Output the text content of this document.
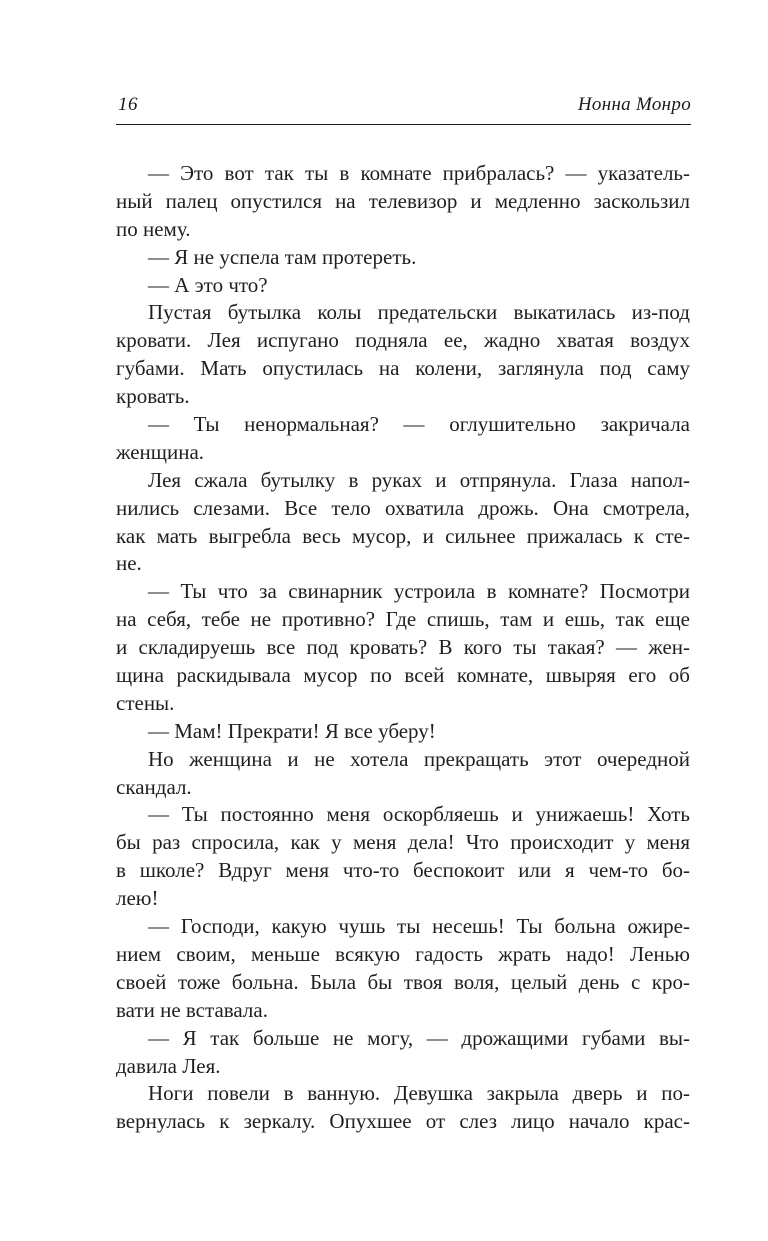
16	Нонна Монро
— Это вот так ты в комнате прибралась? — указатель-
ный палец опустился на телевизор и медленно заскользил
по нему.
— Я не успела там протереть.
— А это что?
Пустая бутылка колы предательски выкатилась из-под
кровати. Лея испугано подняла ее, жадно хватая воздух
губами. Мать опустилась на колени, заглянула под саму
кровать.
— Ты ненормальная? — оглушительно закричала
женщина.
Лея сжала бутылку в руках и отпрянула. Глаза напол-
нились слезами. Все тело охватила дрожь. Она смотрела,
как мать выгребла весь мусор, и сильнее прижалась к сте-
не.
— Ты что за свинарник устроила в комнате? Посмотри
на себя, тебе не противно? Где спишь, там и ешь, так еще
и складируешь все под кровать? В кого ты такая? — жен-
щина раскидывала мусор по всей комнате, швыряя его об
стены.
— Мам! Прекрати! Я все уберу!
Но женщина и не хотела прекращать этот очередной
скандал.
— Ты постоянно меня оскорбляешь и унижаешь! Хоть
бы раз спросила, как у меня дела! Что происходит у меня
в школе? Вдруг меня что-то беспокоит или я чем-то бо-
лею!
— Господи, какую чушь ты несешь! Ты больна ожире-
нием своим, меньше всякую гадость жрать надо! Ленью
своей тоже больна. Была бы твоя воля, целый день с кро-
вати не вставала.
— Я так больше не могу, — дрожащими губами вы-
давила Лея.
Ноги повели в ванную. Девушка закрыла дверь и по-
вернулась к зеркалу. Опухшее от слез лицо начало крас-
